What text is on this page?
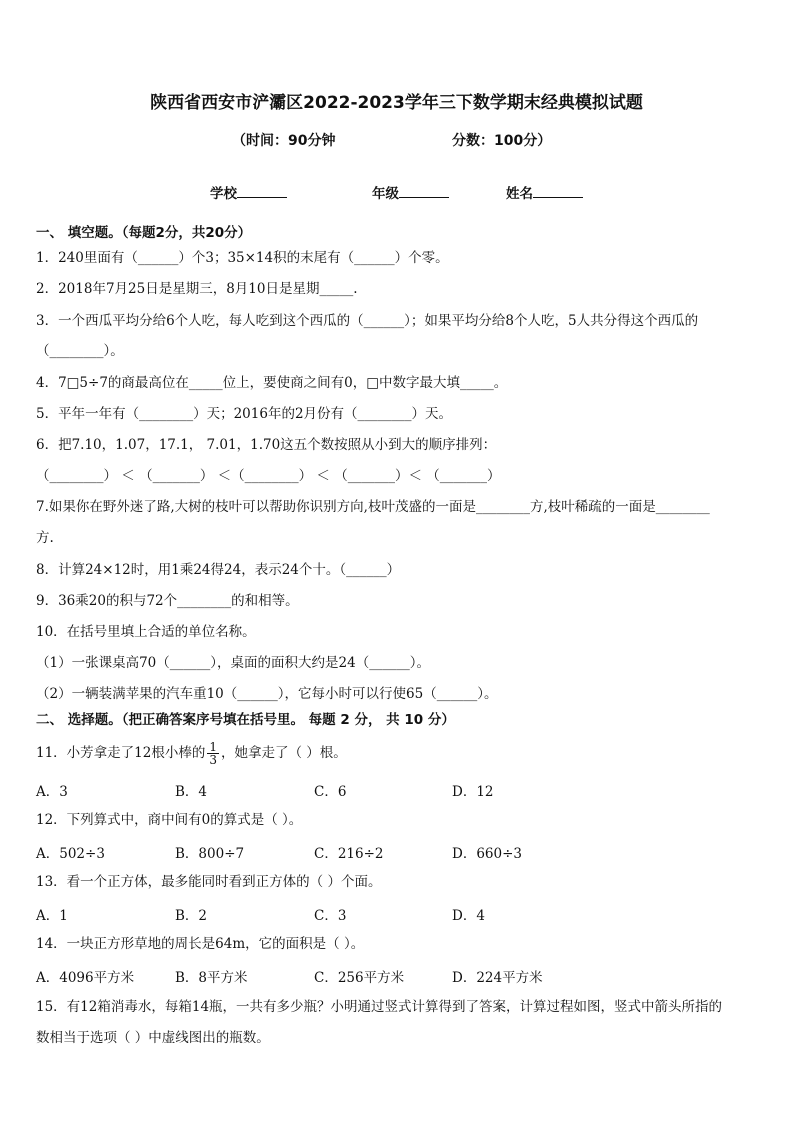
陕西省西安市浐灞区2022-2023学年三下数学期末经典模拟试题
（时间：90分钟	分数：100分）
学校	年级	姓名
一、 填空题。（每题2分，共20分）
1．240里面有（______）个3；35×14积的末尾有（______）个零。
2．2018年7月25日是星期三，8月10日是星期_____.
3．一个西瓜平均分给6个人吃，每人吃到这个西瓜的（______）；如果平均分给8个人吃，5人共分得这个西瓜的
（________）。
4．7□5÷7的商最高位在_____位上，要使商之间有0，□中数字最大填_____。
5．平年一年有（________）天；2016年的2月份有（________）天。
6．把7.10，1.07，17.1， 7.01，1.70这五个数按照从小到大的顺序排列：
（________） ＜ （_______） ＜（________） ＜ （_______）＜ （_______）
7.如果你在野外迷了路,大树的枝叶可以帮助你识别方向,枝叶茂盛的一面是________方,枝叶稀疏的一面是________
方.
8．计算24×12时，用1乘24得24，表示24个十。（______）
9．36乘20的积与72个________的和相等。
10．在括号里填上合适的单位名称。
（1）一张课桌高70（______），桌面的面积大约是24（______）。
（2）一辆装满苹果的汽车重10（______），它每小时可以行使65（______）。
二、 选择题。（把正确答案序号填在括号里。 每题 2 分， 共 10 分）
11．小芳拿走了12根小棒的 $\frac{1}{3}$ ，她拿走了（ ）根。
A．3	B．4	C．6	D．12
12．下列算式中，商中间有0的算式是（ ）。
A．502÷3	B．800÷7	C．216÷2	D．660÷3
13．看一个正方体，最多能同时看到正方体的（ ）个面。
A．1	B．2	C．3	D．4
14．一块正方形草地的周长是64m，它的面积是（ ）。
A．4096平方米	B．8平方米	C．256平方米	D．224平方米
15．有12箱消毒水，每箱14瓶，一共有多少瓶？小明通过竖式计算得到了答案，计算过程如图，竖式中箭头所指的
数相当于选项（ ）中虚线图出的瓶数。
